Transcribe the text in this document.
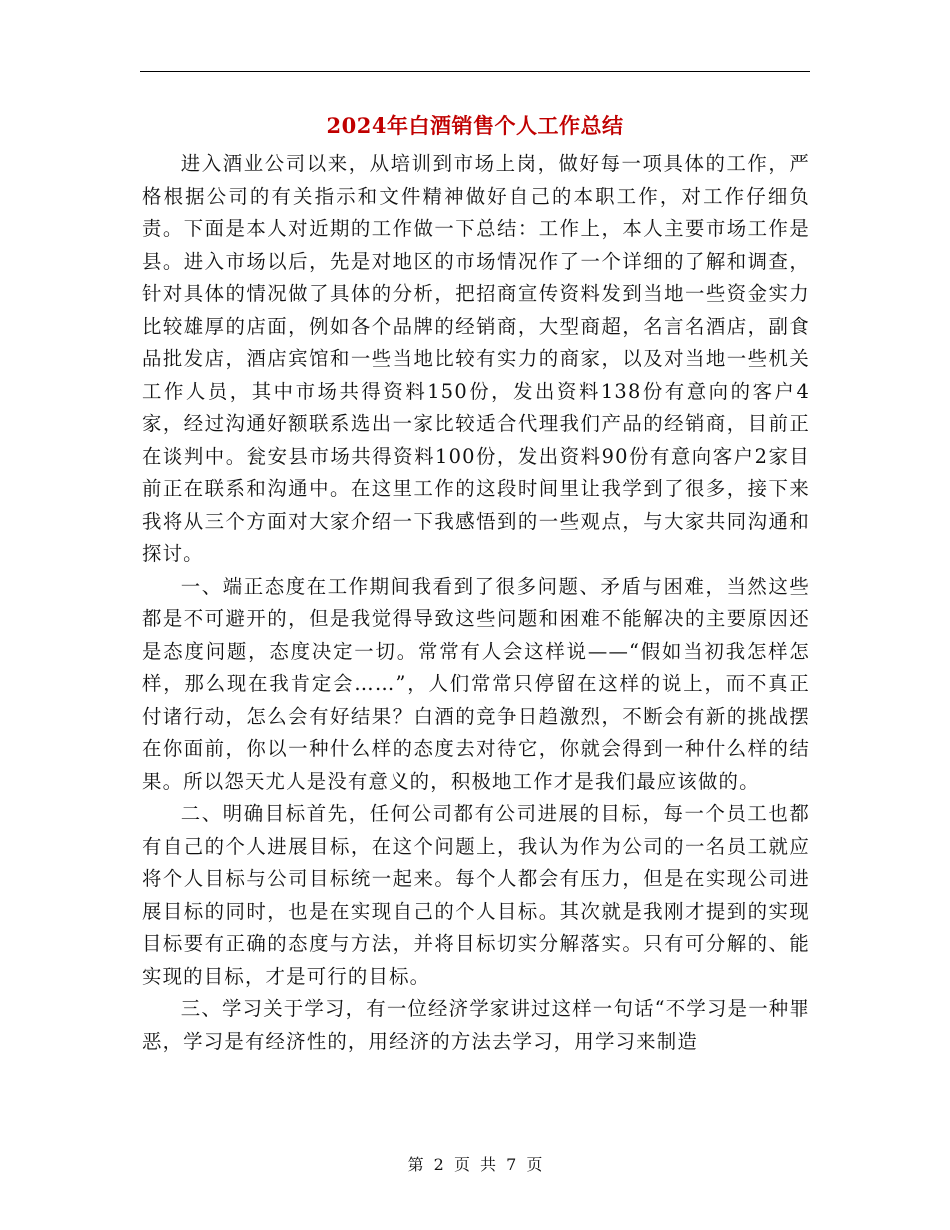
2024年白酒销售个人工作总结

进入酒业公司以来，从培训到市场上岗，做好每一项具体的工作，严格根据公司的有关指示和文件精神做好自己的本职工作，对工作仔细负责。下面是本人对近期的工作做一下总结：工作上，本人主要市场工作是县。进入市场以后，先是对地区的市场情况作了一个详细的了解和调查，针对具体的情况做了具体的分析，把招商宣传资料发到当地一些资金实力比较雄厚的店面，例如各个品牌的经销商，大型商超，名言名酒店，副食品批发店，酒店宾馆和一些当地比较有实力的商家，以及对当地一些机关工作人员，其中市场共得资料150份，发出资料138份有意向的客户4家，经过沟通好额联系选出一家比较适合代理我们产品的经销商，目前正在谈判中。瓮安县市场共得资料100份，发出资料90份有意向客户2家目前正在联系和沟通中。在这里工作的这段时间里让我学到了很多，接下来我将从三个方面对大家介绍一下我感悟到的一些观点，与大家共同沟通和探讨。

一、端正态度在工作期间我看到了很多问题、矛盾与困难，当然这些都是不可避开的，但是我觉得导致这些问题和困难不能解决的主要原因还是态度问题，态度决定一切。常常有人会这样说——“假如当初我怎样怎样，那么现在我肯定会……”，人们常常只停留在这样的说上，而不真正付诸行动，怎么会有好结果？白酒的竞争日趋激烈，不断会有新的挑战摆在你面前，你以一种什么样的态度去对待它，你就会得到一种什么样的结果。所以怨天尤人是没有意义的，积极地工作才是我们最应该做的。

二、明确目标首先，任何公司都有公司进展的目标，每一个员工也都有自己的个人进展目标，在这个问题上，我认为作为公司的一名员工就应将个人目标与公司目标统一起来。每个人都会有压力，但是在实现公司进展目标的同时，也是在实现自己的个人目标。其次就是我刚才提到的实现目标要有正确的态度与方法，并将目标切实分解落实。只有可分解的、能实现的目标，才是可行的目标。

三、学习关于学习，有一位经济学家讲过这样一句话“不学习是一种罪恶，学习是有经济性的，用经济的方法去学习，用学习来制造

第 2 页 共 7 页
